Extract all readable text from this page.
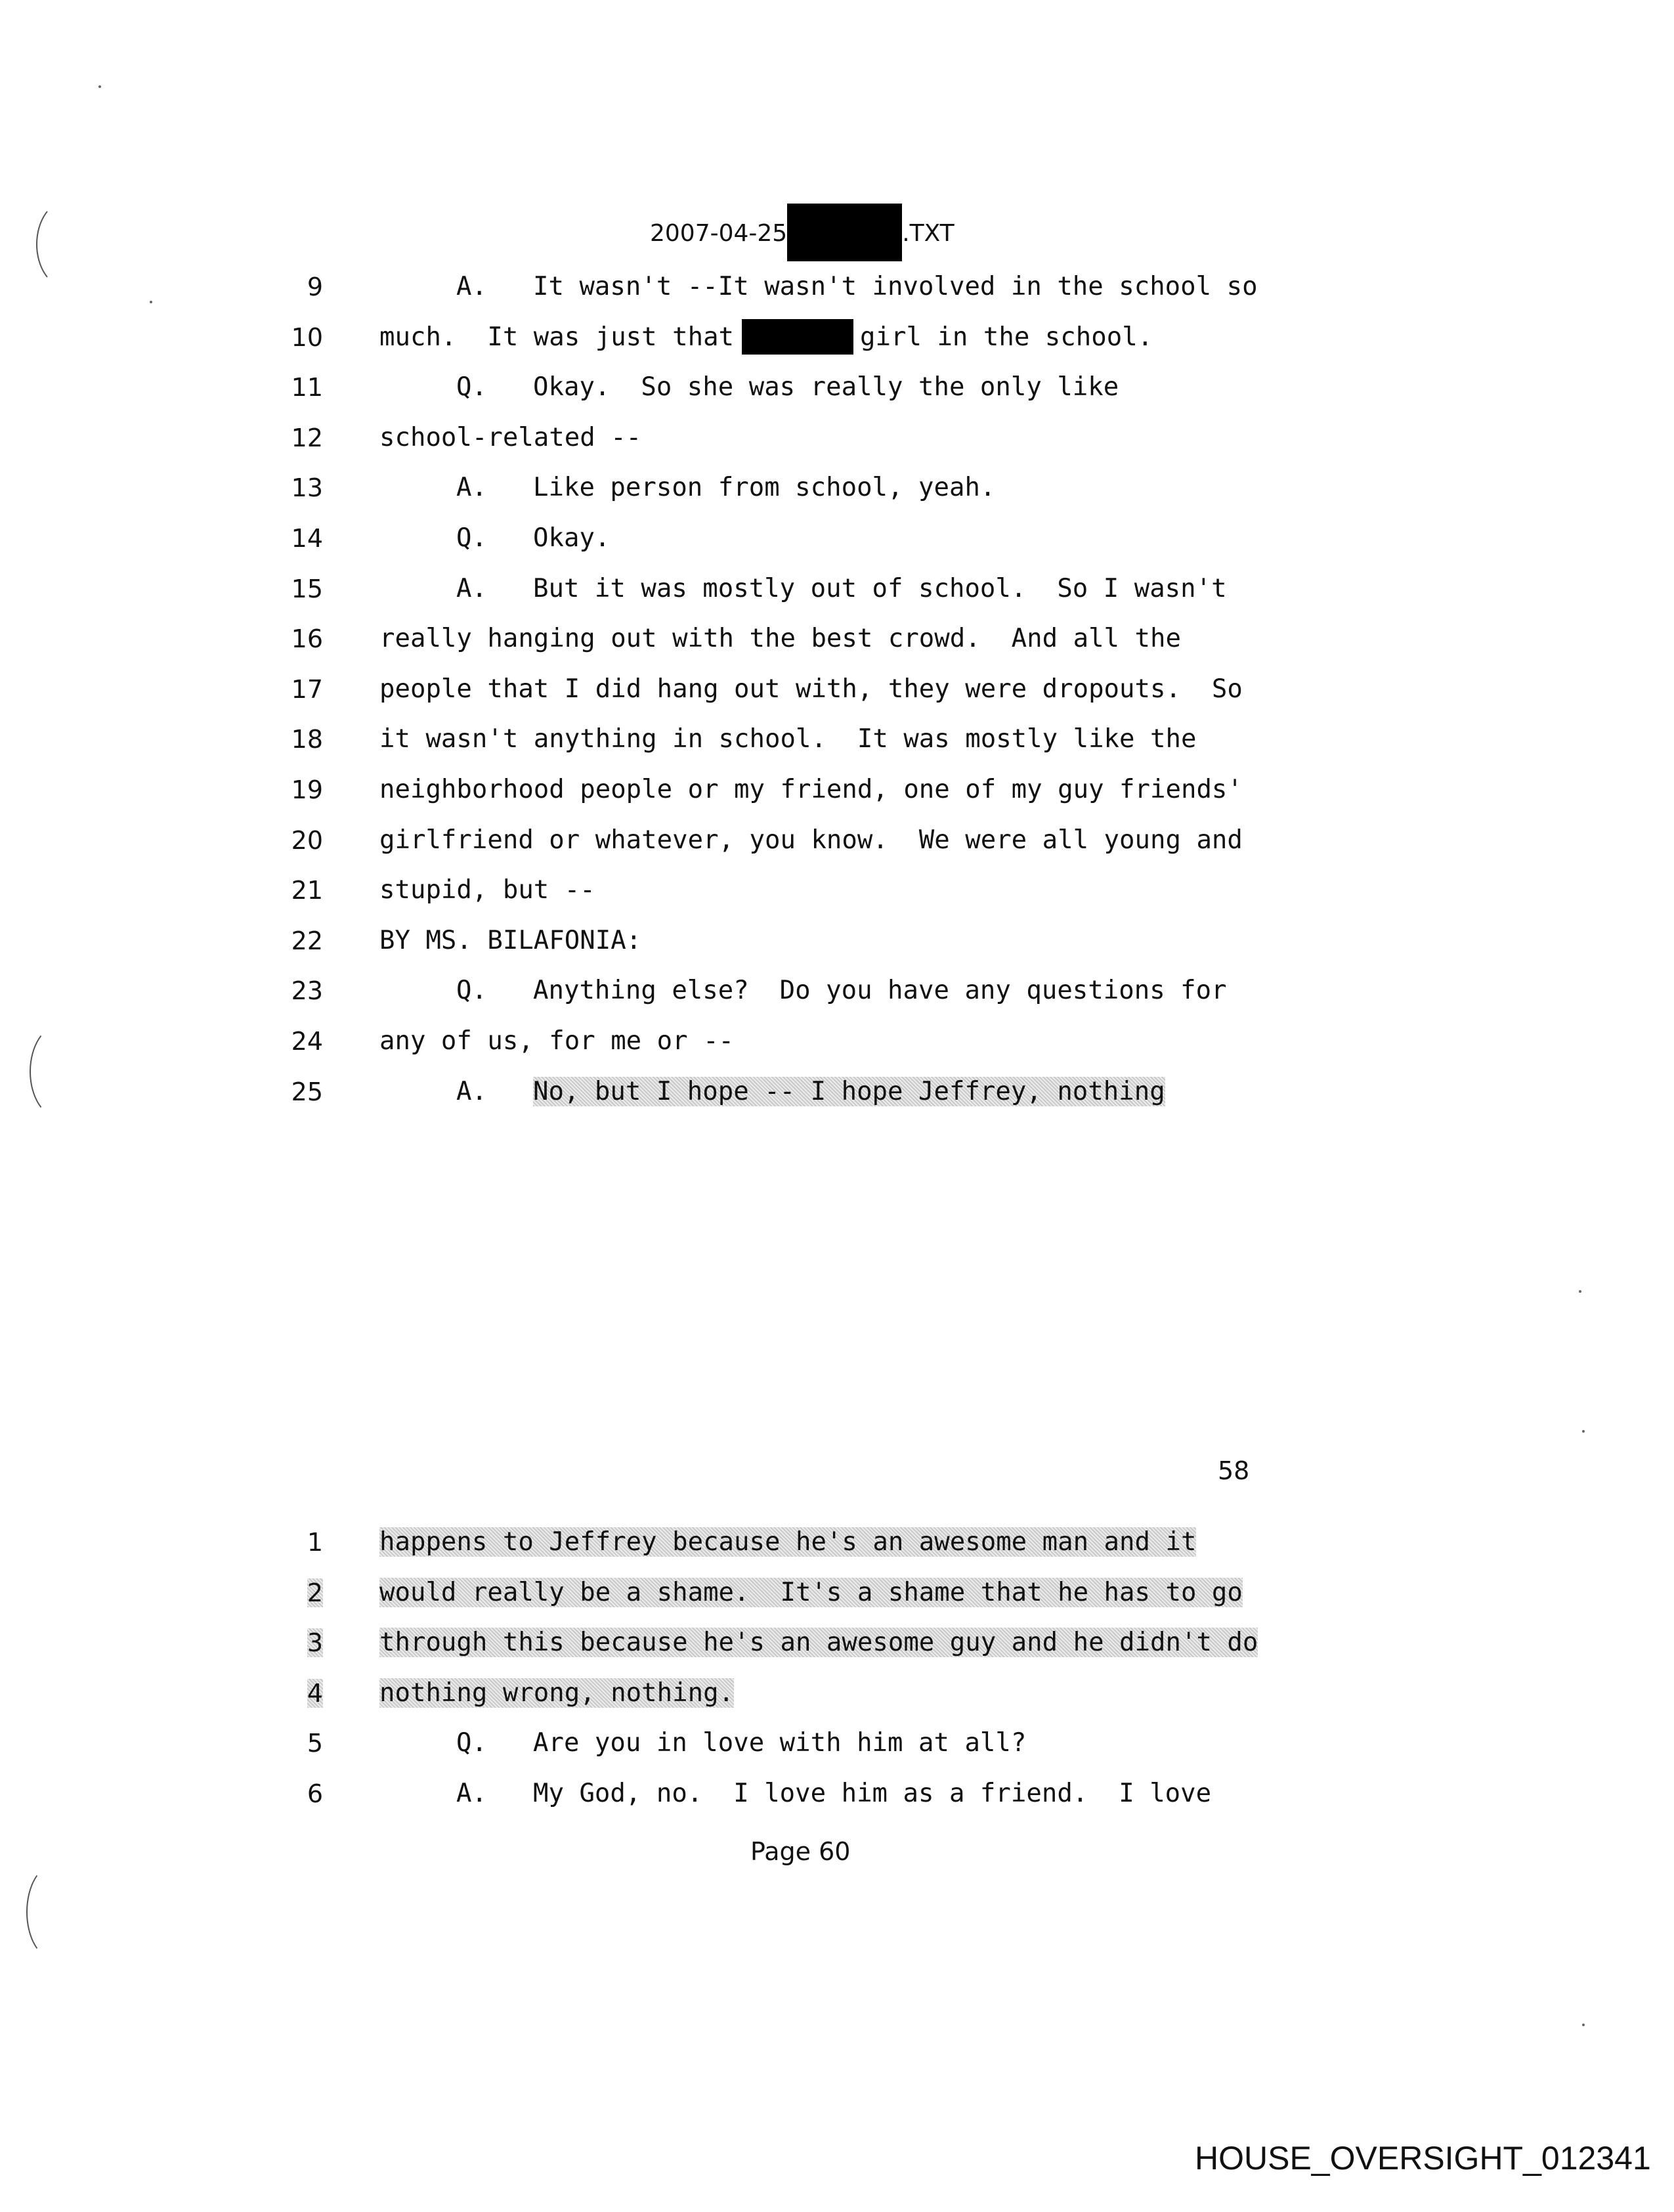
2007-04-25	.TXT
9	A. It wasn't --It wasn't involved in the school so
10 much.  It was just that	girl in the school.
11	Q. Okay.  So she was really the only like
12 school-related --
13	A. Like person from school, yeah.
14	Q. Okay.
15	A. But it was mostly out of school.  So I wasn't
16 really hanging out with the best crowd.  And all the
17 people that I did hang out with, they were dropouts.  So
18 it wasn't anything in school.  It was mostly like the
19 neighborhood people or my friend, one of my guy friends'
20 girlfriend or whatever, you know.  We were all young and
21 stupid, but --
22 BY MS. BILAFONIA:
23	Q. Anything else?  Do you have any questions for
24 any of us, for me or --
25	A. No, but I hope -- I hope Jeffrey, nothing
58
1 happens to Jeffrey because he's an awesome man and it
2 would really be a shame.  It's a shame that he has to go
3 through this because he's an awesome guy and he didn't do
4 nothing wrong, nothing.
5	Q. Are you in love with him at all?
6	A. My God, no.  I love him as a friend.  I love
Page 60
HOUSE_OVERSIGHT_012341
